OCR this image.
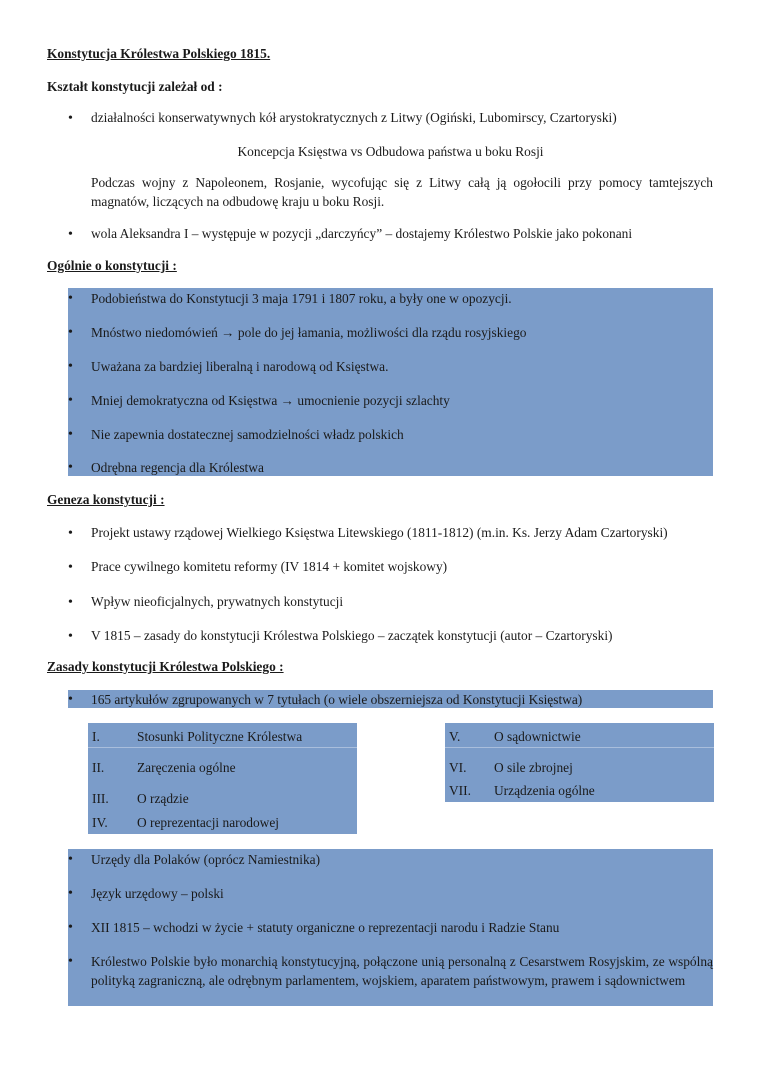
Konstytucja Królestwa Polskiego 1815.
Kształt konstytucji zależał od :
• działalności konserwatywnych kół arystokratycznych z Litwy (Ogiński, Lubomirscy, Czartoryski)
Koncepcja Księstwa vs Odbudowa państwa u boku Rosji
Podczas wojny z Napoleonem, Rosjanie, wycofując się z Litwy całą ją ogołocili przy pomocy tamtejszych magnatów, liczących na odbudowę kraju u boku Rosji.
• wola Aleksandra I – występuje w pozycji „darczyńcy” – dostajemy Królestwo Polskie jako pokonani
Ogólnie o konstytucji :
• Podobieństwa do Konstytucji 3 maja 1791 i 1807 roku, a były one w opozycji.
• Mnóstwo niedomówień → pole do jej łamania, możliwości dla rządu rosyjskiego
• Uważana za bardziej liberalną i narodową od Księstwa.
• Mniej demokratyczna od Księstwa → umocnienie pozycji szlachty
• Nie zapewnia dostatecznej samodzielności władz polskich
• Odrębna regencja dla Królestwa
Geneza konstytucji :
• Projekt ustawy rządowej Wielkiego Księstwa Litewskiego (1811-1812) (m.in. Ks. Jerzy Adam Czartoryski)
• Prace cywilnego komitetu reformy (IV 1814 + komitet wojskowy)
• Wpływ nieoficjalnych, prywatnych konstytucji
• V 1815 – zasady do konstytucji Królestwa Polskiego – zaczątek konstytucji (autor – Czartoryski)
Zasady konstytucji Królestwa Polskiego :
• 165 artykułów zgrupowanych w 7 tytułach (o wiele obszerniejsza od Konstytucji Księstwa)
I.	Stosunki Polityczne Królestwa
II. Zaręczenia ogólne
III. O rządzie
IV. O reprezentacji narodowej
V.	O sądownictwie
VI. O sile zbrojnej
VII. Urządzenia ogólne
• Urzędy dla Polaków (oprócz Namiestnika)
• Język urzędowy – polski
• XII 1815 – wchodzi w życie + statuty organiczne o reprezentacji narodu i Radzie Stanu
• Królestwo Polskie było monarchią konstytucyjną, połączone unią personalną z Cesarstwem Rosyjskim, ze wspólną polityką zagraniczną, ale odrębnym parlamentem, wojskiem, aparatem państwowym, prawem i sądownictwem
